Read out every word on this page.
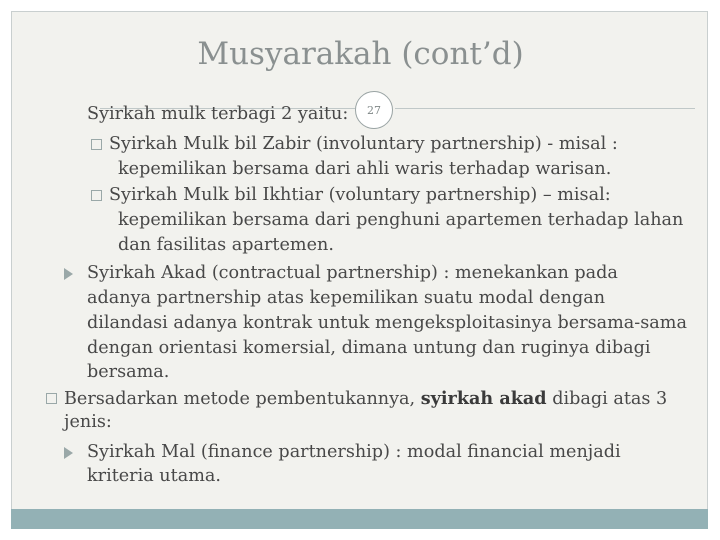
Musyarakah (cont’d)
27
Syirkah mulk terbagi 2 yaitu:
Syirkah Mulk bil Zabir (involuntary partnership) - misal :
kepemilikan bersama dari ahli waris terhadap warisan.
Syirkah Mulk bil Ikhtiar (voluntary partnership) – misal:
kepemilikan bersama dari penghuni apartemen terhadap lahan
dan fasilitas apartemen.
Syirkah Akad (contractual partnership) : menekankan pada
adanya partnership atas kepemilikan suatu modal dengan
dilandasi adanya kontrak untuk mengeksploitasinya bersama-sama
dengan orientasi komersial, dimana untung dan ruginya dibagi
bersama.
Bersadarkan metode pembentukannya, syirkah akad dibagi atas 3
jenis:
Syirkah Mal (finance partnership) : modal financial menjadi
kriteria utama.
